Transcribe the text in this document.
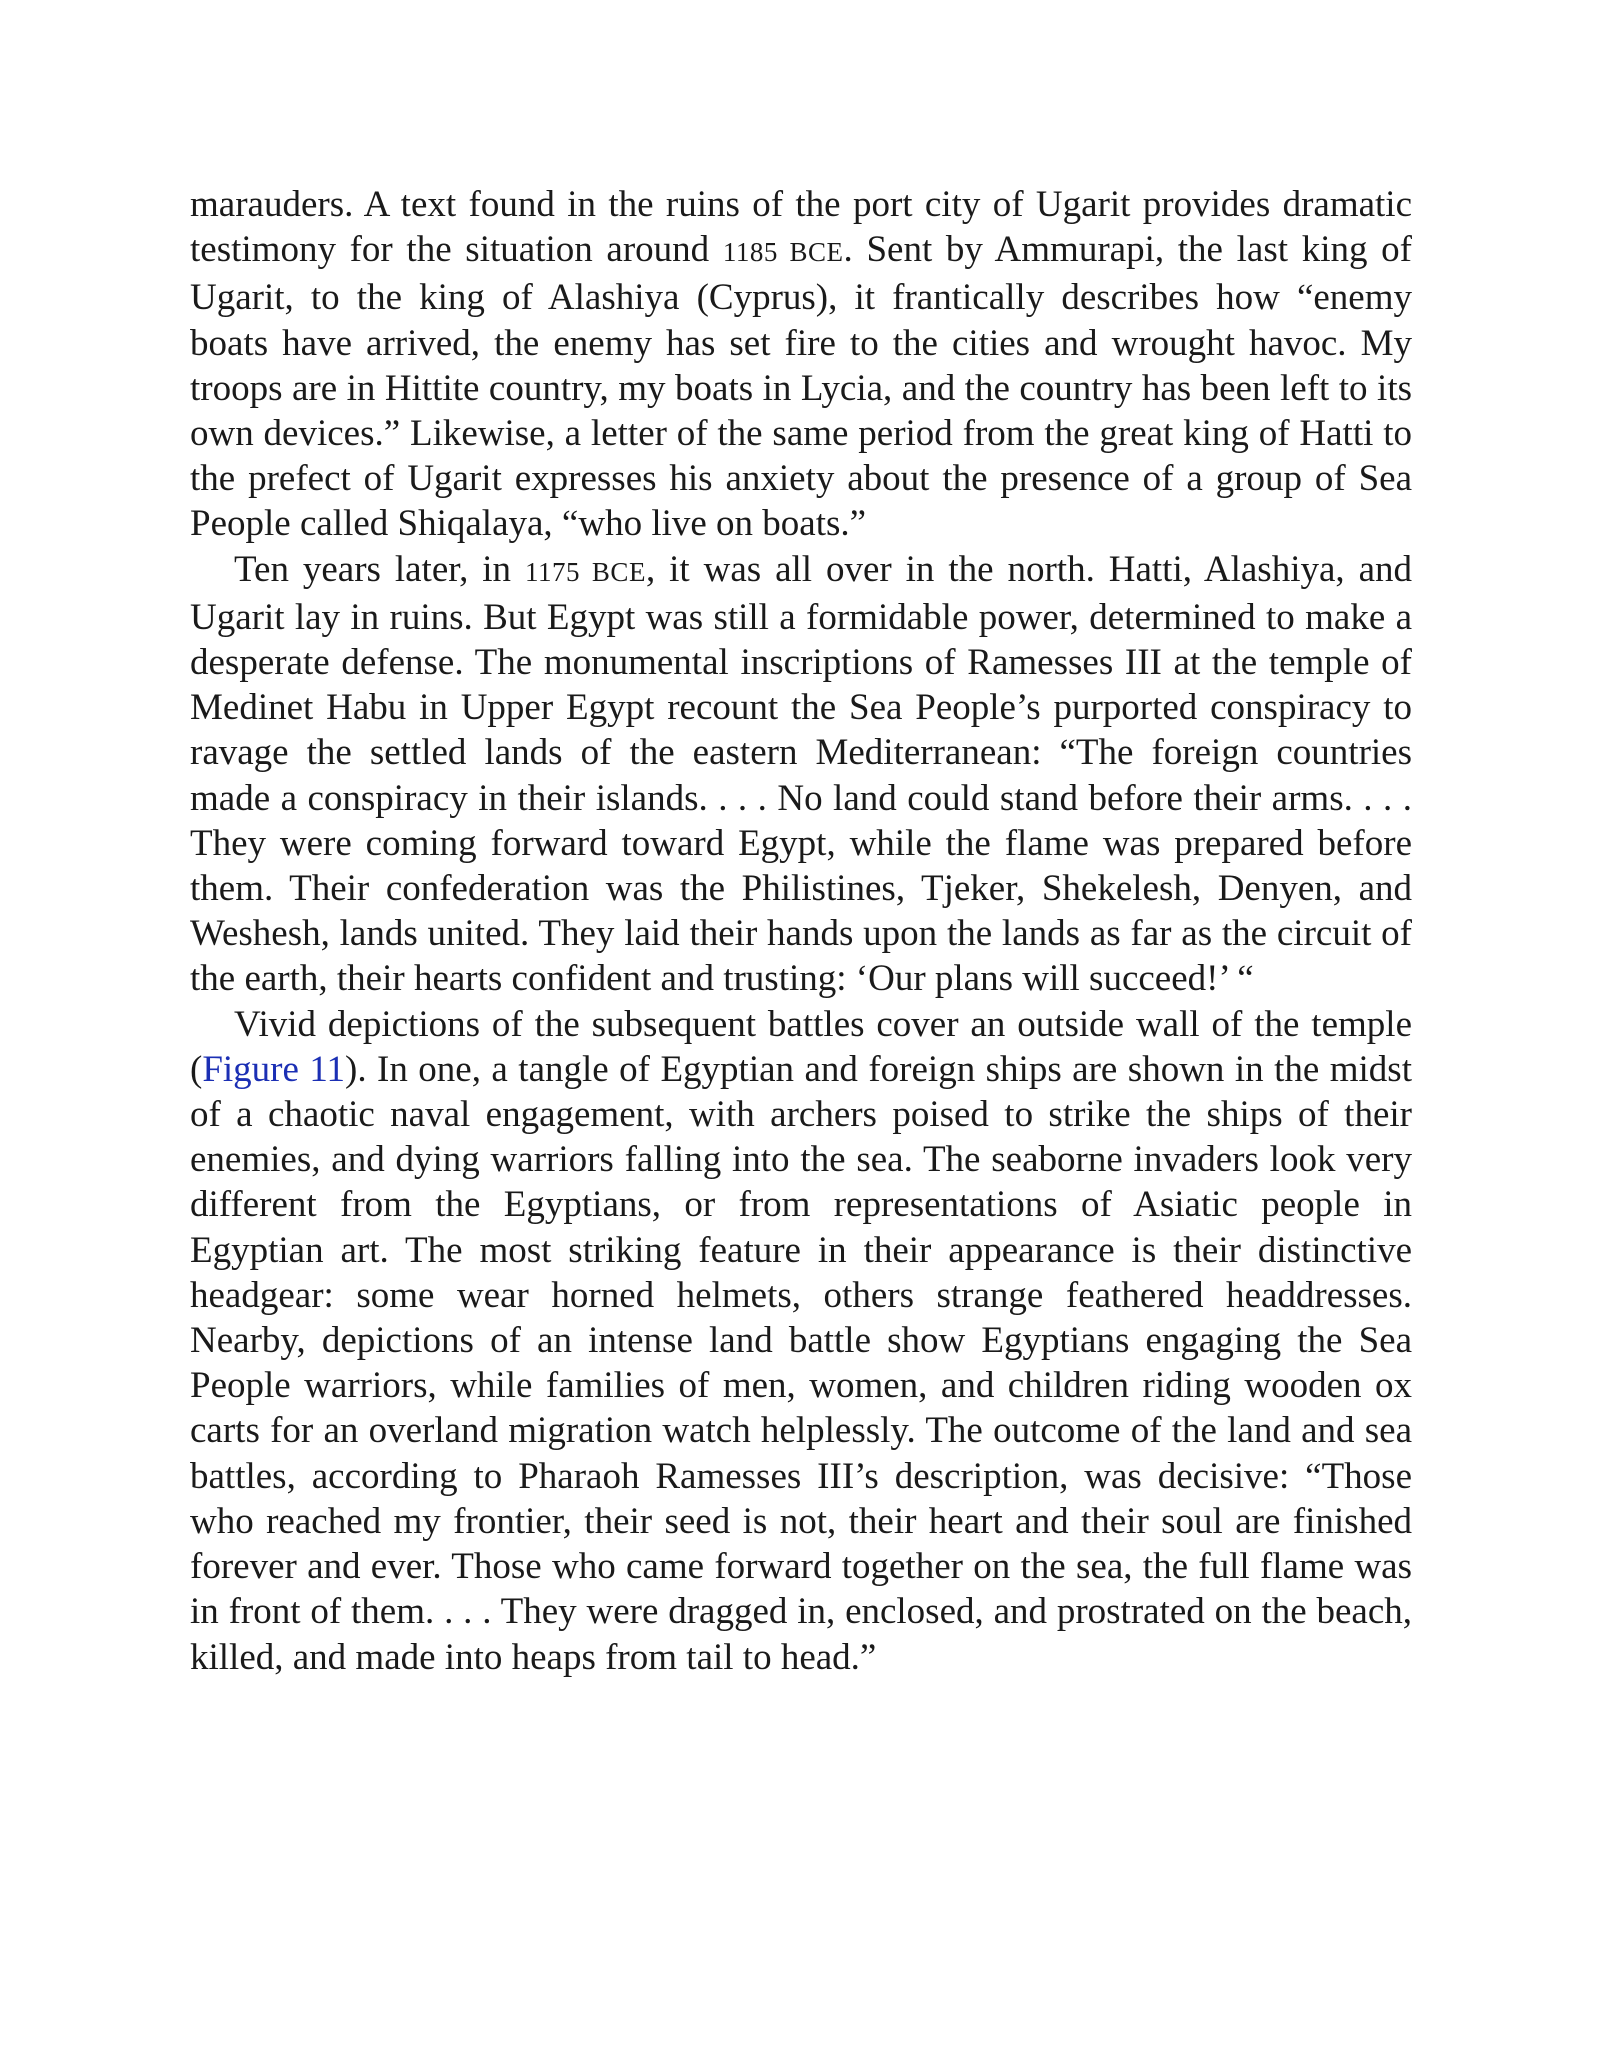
marauders. A text found in the ruins of the port city of Ugarit provides dramatic testimony for the situation around 1185 BCE. Sent by Ammurapi, the last king of Ugarit, to the king of Alashiya (Cyprus), it frantically describes how “enemy boats have arrived, the enemy has set fire to the cities and wrought havoc. My troops are in Hittite country, my boats in Lycia, and the country has been left to its own devices.” Likewise, a letter of the same period from the great king of Hatti to the prefect of Ugarit expresses his anxiety about the presence of a group of Sea People called Shiqalaya, “who live on boats.”

Ten years later, in 1175 BCE, it was all over in the north. Hatti, Alashiya, and Ugarit lay in ruins. But Egypt was still a formidable power, determined to make a desperate defense. The monumental inscriptions of Ramesses III at the temple of Medinet Habu in Upper Egypt recount the Sea People’s purported conspiracy to ravage the settled lands of the eastern Mediterranean: “The foreign countries made a conspiracy in their islands. . . . No land could stand before their arms. . . . They were coming forward toward Egypt, while the flame was prepared before them. Their confederation was the Philistines, Tjeker, Shekelesh, Denyen, and Weshesh, lands united. They laid their hands upon the lands as far as the circuit of the earth, their hearts confident and trusting: ‘Our plans will succeed!’ “

Vivid depictions of the subsequent battles cover an outside wall of the temple (Figure 11). In one, a tangle of Egyptian and foreign ships are shown in the midst of a chaotic naval engagement, with archers poised to strike the ships of their enemies, and dying warriors falling into the sea. The seaborne invaders look very different from the Egyptians, or from representations of Asiatic people in Egyptian art. The most striking feature in their appearance is their distinctive headgear: some wear horned helmets, others strange feathered headdresses. Nearby, depictions of an intense land battle show Egyptians engaging the Sea People warriors, while families of men, women, and children riding wooden ox carts for an overland migration watch helplessly. The outcome of the land and sea battles, according to Pharaoh Ramesses III’s description, was decisive: “Those who reached my frontier, their seed is not, their heart and their soul are finished forever and ever. Those who came forward together on the sea, the full flame was in front of them. . . . They were dragged in, enclosed, and prostrated on the beach, killed, and made into heaps from tail to head.”
